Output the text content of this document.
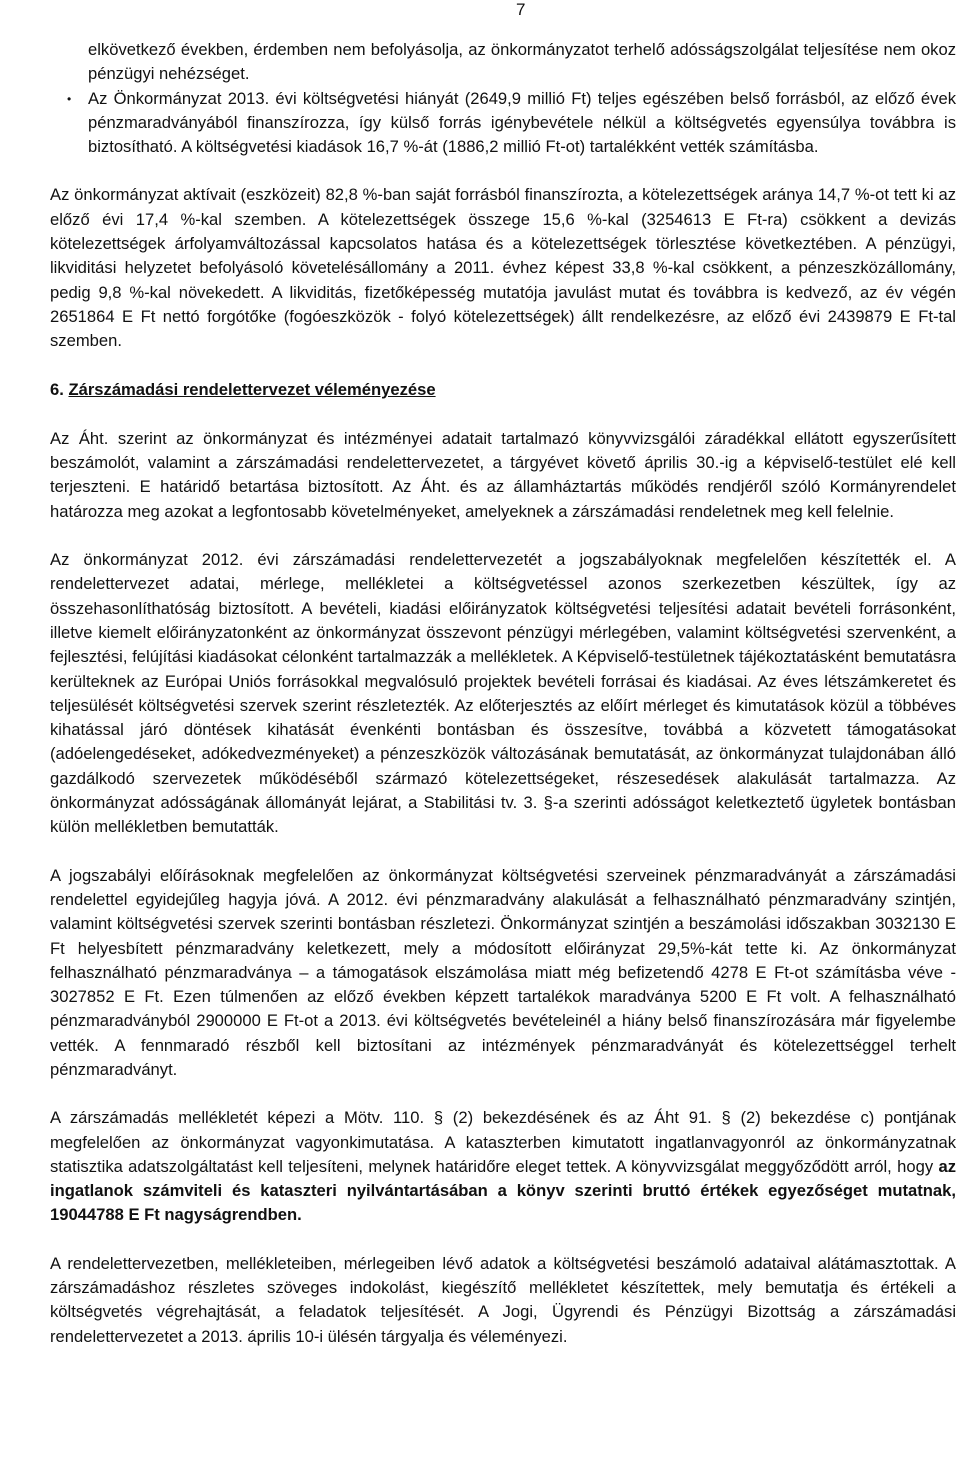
7

elkövetkező években, érdemben nem befolyásolja, az önkormányzatot terhelő adósságszolgálat teljesítése nem okoz pénzügyi nehézséget.

• Az Önkormányzat 2013. évi költségvetési hiányát (2649,9 millió Ft) teljes egészében belső forrásból, az előző évek pénzmaradványából finanszírozza, így külső forrás igénybevétele nélkül a költségvetés egyensúlya továbbra is biztosítható. A költségvetési kiadások 16,7 %-át (1886,2 millió Ft-ot) tartalékként vették számításba.

Az önkormányzat aktívait (eszközeit) 82,8 %-ban saját forrásból finanszírozta, a kötelezettségek aránya 14,7 %-ot tett ki az előző évi 17,4 %-kal szemben. A kötelezettségek összege 15,6 %-kal (3254613 E Ft-ra) csökkent a devizás kötelezettségek árfolyamváltozással kapcsolatos hatása és a kötelezettségek törlesztése következtében. A pénzügyi, likviditási helyzetet befolyásoló követelésállomány a 2011. évhez képest 33,8 %-kal csökkent, a pénzeszközállomány, pedig 9,8 %-kal növekedett. A likviditás, fizetőképesség mutatója javulást mutat és továbbra is kedvező, az év végén 2651864 E Ft nettó forgótőke (fogóeszközök - folyó kötelezettségek) állt rendelkezésre, az előző évi 2439879 E Ft-tal szemben.

6. Zárszámadási rendelettervezet véleményezése

Az Áht. szerint az önkormányzat és intézményei adatait tartalmazó könyvvizsgálói záradékkal ellátott egyszerűsített beszámolót, valamint a zárszámadási rendelettervezetet, a tárgyévet követő április 30.-ig a képviselő-testület elé kell terjeszteni. E határidő betartása biztosított. Az Áht. és az államháztartás működés rendjéről szóló Kormányrendelet határozza meg azokat a legfontosabb követelményeket, amelyeknek a zárszámadási rendeletnek meg kell felelnie.

Az önkormányzat 2012. évi zárszámadási rendelettervezetét a jogszabályoknak megfelelően készítették el. A rendelettervezet adatai, mérlege, mellékletei a költségvetéssel azonos szerkezetben készültek, így az összehasonlíthatóság biztosított. A bevételi, kiadási előirányzatok költségvetési teljesítési adatait bevételi forrásonként, illetve kiemelt előirányzatonként az önkormányzat összevont pénzügyi mérlegében, valamint költségvetési szervenként, a fejlesztési, felújítási kiadásokat célonként tartalmazzák a mellékletek. A Képviselő-testületnek tájékoztatásként bemutatásra kerülteknek az Európai Uniós forrásokkal megvalósuló projektek bevételi forrásai és kiadásai. Az éves létszámkeretet és teljesülését költségvetési szervek szerint részletezték. Az előterjesztés az előírt mérleget és kimutatások közül a többéves kihatással járó döntések kihatását évenkénti bontásban és összesítve, továbbá a közvetett támogatásokat (adóelengedéseket, adókedvezményeket) a pénzeszközök változásának bemutatását, az önkormányzat tulajdonában álló gazdálkodó szervezetek működéséből származó kötelezettségeket, részesedések alakulását tartalmazza. Az önkormányzat adósságának állományát lejárat, a Stabilitási tv. 3. §-a szerinti adósságot keletkeztető ügyletek bontásban külön mellékletben bemutatták.

A jogszabályi előírásoknak megfelelően az önkormányzat költségvetési szerveinek pénzmaradványát a zárszámadási rendelettel egyidejűleg hagyja jóvá. A 2012. évi pénzmaradvány alakulását a felhasználható pénzmaradvány szintjén, valamint költségvetési szervek szerinti bontásban részletezi. Önkormányzat szintjén a beszámolási időszakban 3032130 E Ft helyesbített pénzmaradvány keletkezett, mely a módosított előirányzat 29,5%-kát tette ki. Az önkormányzat felhasználható pénzmaradványa – a támogatások elszámolása miatt még befizetendő 4278 E Ft-ot számításba véve - 3027852 E Ft. Ezen túlmenően az előző években képzett tartalékok maradványa 5200 E Ft volt. A felhasználható pénzmaradványból 2900000 E Ft-ot a 2013. évi költségvetés bevételeinél a hiány belső finanszírozására már figyelembe vették. A fennmaradó részből kell biztosítani az intézmények pénzmaradványát és kötelezettséggel terhelt pénzmaradványt.

A zárszámadás mellékletét képezi a Mötv. 110. § (2) bekezdésének és az Áht 91. § (2) bekezdése c) pontjának megfelelően az önkormányzat vagyonkimutatása. A kataszterben kimutatott ingatlanvagyonról az önkormányzatnak statisztika adatszolgáltatást kell teljesíteni, melynek határidőre eleget tettek. A könyvvizsgálat meggyőződött arról, hogy az ingatlanok számviteli és kataszteri nyilvántartásában a könyv szerinti bruttó értékek egyezőséget mutatnak, 19044788 E Ft nagyságrendben.

A rendelettervezetben, mellékleteiben, mérlegeiben lévő adatok a költségvetési beszámoló adataival alátámasztottak. A zárszámadáshoz részletes szöveges indokolást, kiegészítő mellékletet készítettek, mely bemutatja és értékeli a költségvetés végrehajtását, a feladatok teljesítését. A Jogi, Ügyrendi és Pénzügyi Bizottság a zárszámadási rendelettervezetet a 2013. április 10-i ülésén tárgyalja és véleményezi.
